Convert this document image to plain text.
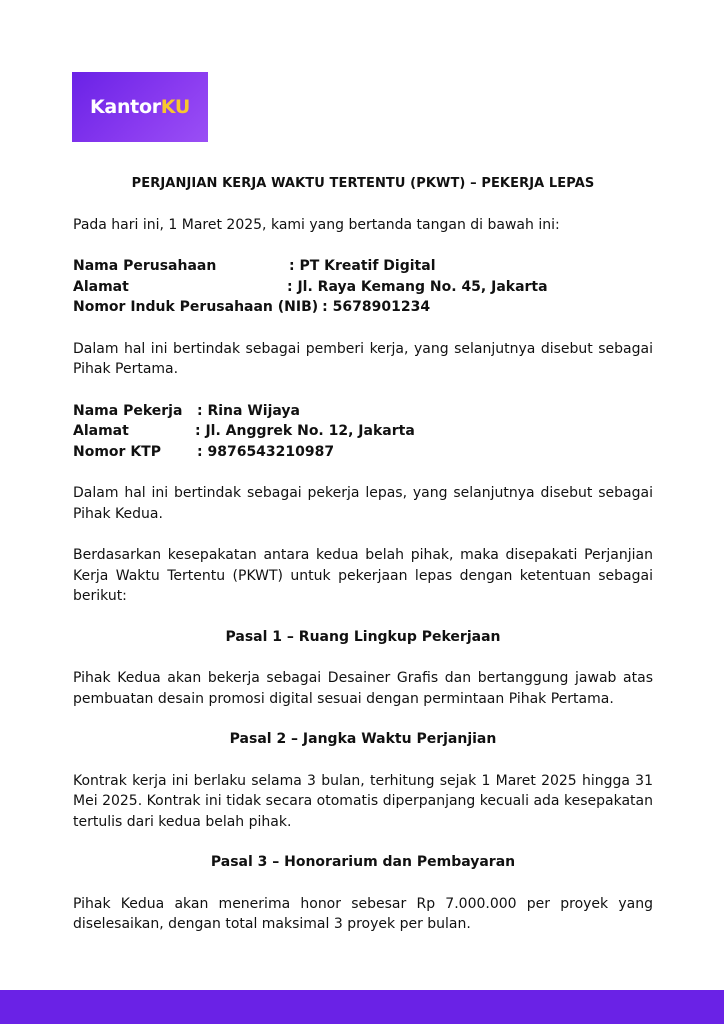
KantorKU

PERJANJIAN KERJA WAKTU TERTENTU (PKWT) – PEKERJA LEPAS

Pada hari ini, 1 Maret 2025, kami yang bertanda tangan di bawah ini:

Nama Perusahaan	: PT Kreatif Digital
Alamat	: Jl. Raya Kemang No. 45, Jakarta
Nomor Induk Perusahaan (NIB) : 5678901234

Dalam hal ini bertindak sebagai pemberi kerja, yang selanjutnya disebut sebagai Pihak Pertama.

Nama Pekerja	: Rina Wijaya
Alamat	: Jl. Anggrek No. 12, Jakarta
Nomor KTP	: 9876543210987

Dalam hal ini bertindak sebagai pekerja lepas, yang selanjutnya disebut sebagai Pihak Kedua.

Berdasarkan kesepakatan antara kedua belah pihak, maka disepakati Perjanjian Kerja Waktu Tertentu (PKWT) untuk pekerjaan lepas dengan ketentuan sebagai berikut:

Pasal 1 – Ruang Lingkup Pekerjaan

Pihak Kedua akan bekerja sebagai Desainer Grafis dan bertanggung jawab atas pembuatan desain promosi digital sesuai dengan permintaan Pihak Pertama.

Pasal 2 – Jangka Waktu Perjanjian

Kontrak kerja ini berlaku selama 3 bulan, terhitung sejak 1 Maret 2025 hingga 31 Mei 2025. Kontrak ini tidak secara otomatis diperpanjang kecuali ada kesepakatan tertulis dari kedua belah pihak.

Pasal 3 – Honorarium dan Pembayaran

Pihak Kedua akan menerima honor sebesar Rp 7.000.000 per proyek yang diselesaikan, dengan total maksimal 3 proyek per bulan.
